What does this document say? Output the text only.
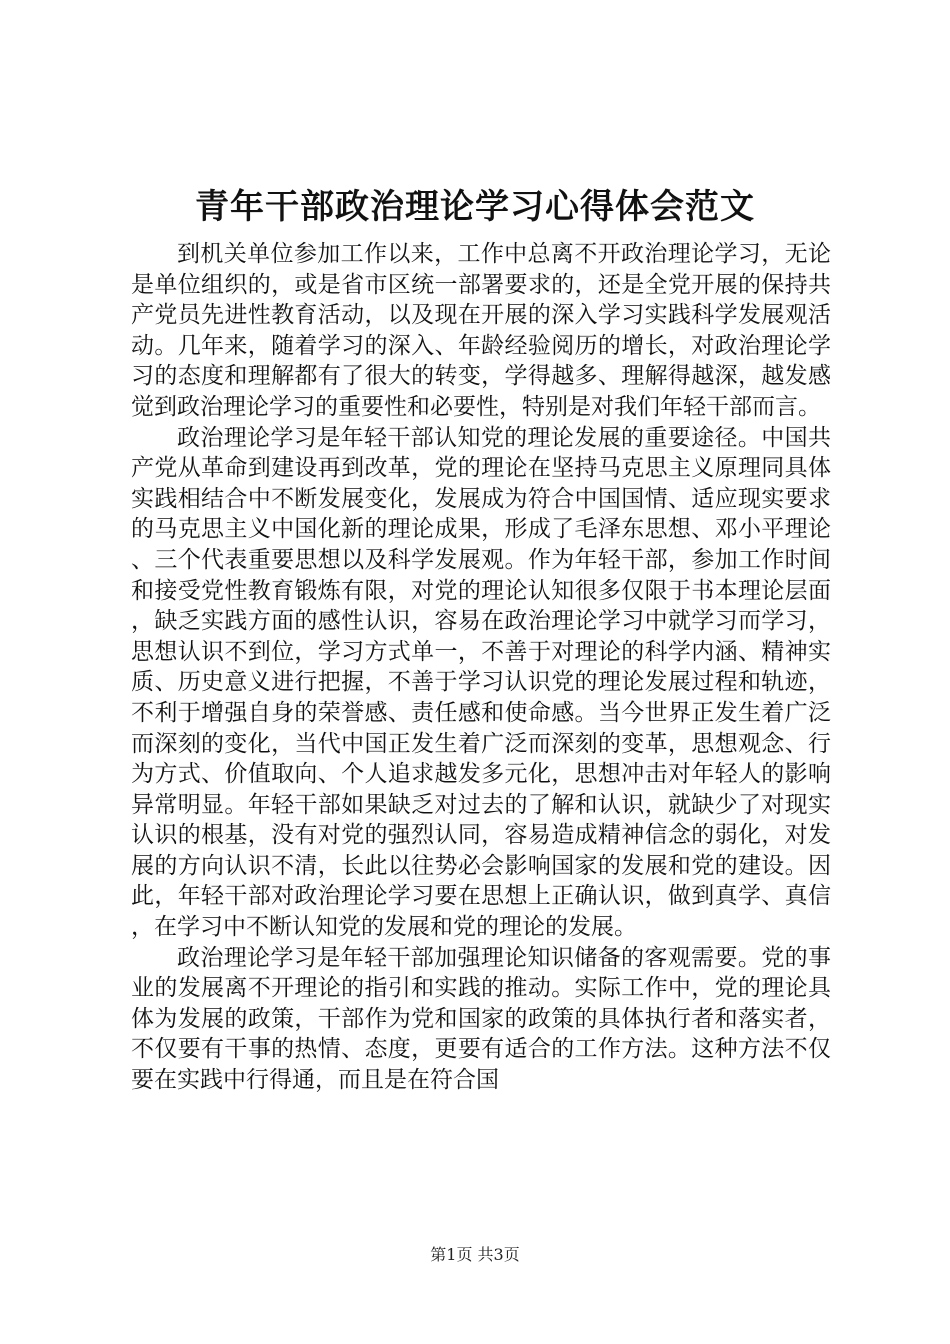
青年干部政治理论学习心得体会范文

到机关单位参加工作以来，工作中总离不开政治理论学习，无论是单位组织的，或是省市区统一部署要求的，还是全党开展的保持共产党员先进性教育活动，以及现在开展的深入学习实践科学发展观活动。几年来，随着学习的深入、年龄经验阅历的增长，对政治理论学习的态度和理解都有了很大的转变，学得越多、理解得越深，越发感觉到政治理论学习的重要性和必要性，特别是对我们年轻干部而言。

政治理论学习是年轻干部认知党的理论发展的重要途径。中国共产党从革命到建设再到改革，党的理论在坚持马克思主义原理同具体实践相结合中不断发展变化，发展成为符合中国国情、适应现实要求的马克思主义中国化新的理论成果，形成了毛泽东思想、邓小平理论、三个代表重要思想以及科学发展观。作为年轻干部，参加工作时间和接受党性教育锻炼有限，对党的理论认知很多仅限于书本理论层面，缺乏实践方面的感性认识，容易在政治理论学习中就学习而学习，思想认识不到位，学习方式单一，不善于对理论的科学内涵、精神实质、历史意义进行把握，不善于学习认识党的理论发展过程和轨迹，不利于增强自身的荣誉感、责任感和使命感。当今世界正发生着广泛而深刻的变化，当代中国正发生着广泛而深刻的变革，思想观念、行为方式、价值取向、个人追求越发多元化，思想冲击对年轻人的影响异常明显。年轻干部如果缺乏对过去的了解和认识，就缺少了对现实认识的根基，没有对党的强烈认同，容易造成精神信念的弱化，对发展的方向认识不清，长此以往势必会影响国家的发展和党的建设。因此，年轻干部对政治理论学习要在思想上正确认识，做到真学、真信，在学习中不断认知党的发展和党的理论的发展。

政治理论学习是年轻干部加强理论知识储备的客观需要。党的事业的发展离不开理论的指引和实践的推动。实际工作中，党的理论具体为发展的政策，干部作为党和国家的政策的具体执行者和落实者，不仅要有干事的热情、态度，更要有适合的工作方法。这种方法不仅要在实践中行得通，而且是在符合国

第1页 共3页
